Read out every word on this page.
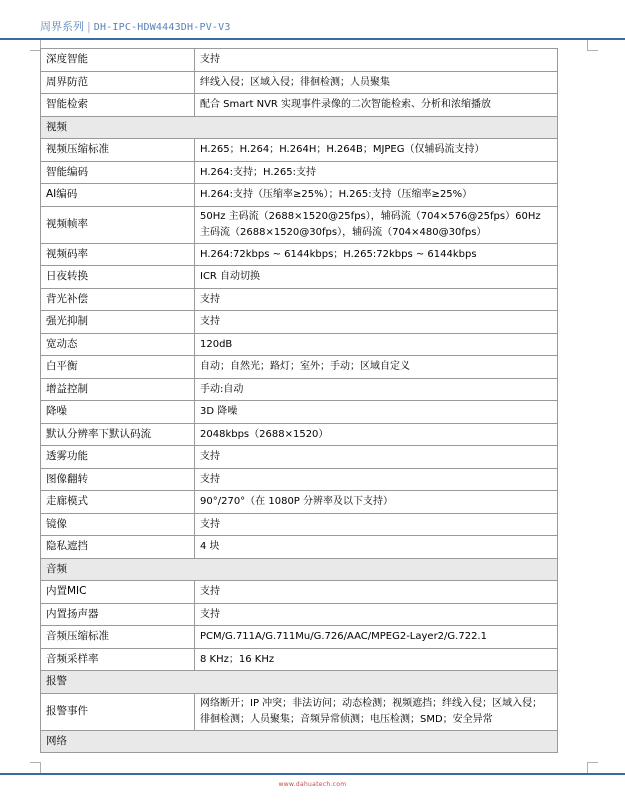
周界系列 | DH-IPC-HDW4443DH-PV-V3
深度智能	支持
周界防范	绊线入侵；区域入侵；徘徊检测；人员聚集
智能检索	配合 Smart NVR 实现事件录像的二次智能检索、分析和浓缩播放
视频	
视频压缩标准	H.265；H.264；H.264H；H.264B；MJPEG（仅辅码流支持）
智能编码	H.264:支持；H.265:支持
AI编码	H.264:支持（压缩率≥25%）；H.265:支持（压缩率≥25%）
视频帧率	50Hz 主码流（2688×1520@25fps），辅码流（704×576@25fps）60Hz 主码流（2688×1520@30fps），辅码流（704×480@30fps）
视频码率	H.264:72kbps ~ 6144kbps；H.265:72kbps ~ 6144kbps
日夜转换	ICR 自动切换
背光补偿	支持
强光抑制	支持
宽动态	120dB
白平衡	自动；自然光；路灯；室外；手动；区域自定义
增益控制	手动:自动
降噪	3D 降噪
默认分辨率下默认码流	2048kbps（2688×1520）
透雾功能	支持
图像翻转	支持
走廊模式	90°/270°（在 1080P 分辨率及以下支持）
镜像	支持
隐私遮挡	4 块
音频	
内置MIC	支持
内置扬声器	支持
音频压缩标准	PCM/G.711A/G.711Mu/G.726/AAC/MPEG2-Layer2/G.722.1
音频采样率	8 KHz；16 KHz
报警	
报警事件	网络断开；IP 冲突；非法访问；动态检测；视频遮挡；绊线入侵；区域入侵；徘徊检测；人员聚集；音频异常侦测；电压检测；SMD；安全异常
网络	
www.dahuatech.com
